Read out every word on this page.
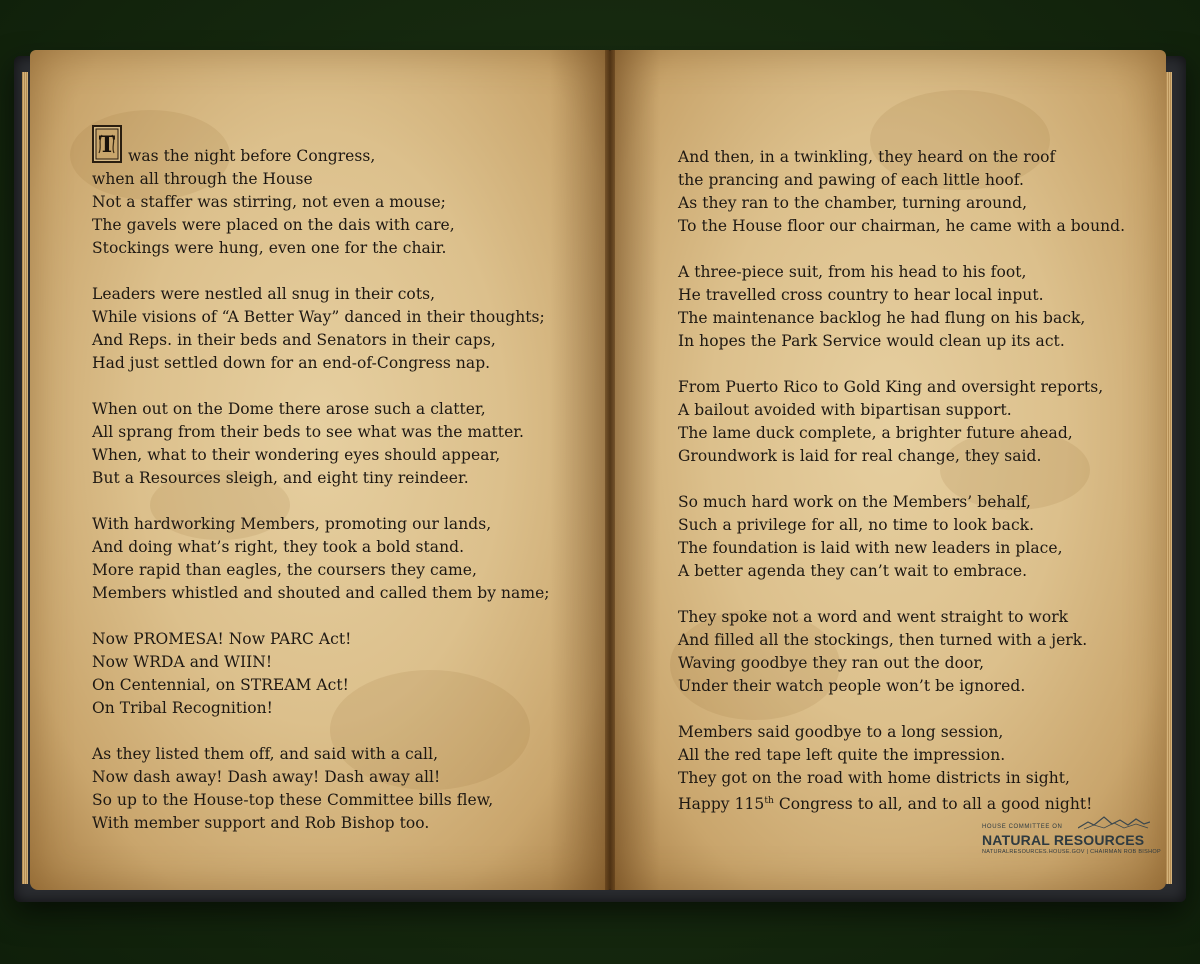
T was the night before Congress,
when all through the House
Not a staffer was stirring, not even a mouse;
The gavels were placed on the dais with care,
Stockings were hung, even one for the chair.
Leaders were nestled all snug in their cots,
While visions of “A Better Way” danced in their thoughts;
And Reps. in their beds and Senators in their caps,
Had just settled down for an end-of-Congress nap.
When out on the Dome there arose such a clatter,
All sprang from their beds to see what was the matter.
When, what to their wondering eyes should appear,
But a Resources sleigh, and eight tiny reindeer.
With hardworking Members, promoting our lands,
And doing what’s right, they took a bold stand.
More rapid than eagles, the coursers they came,
Members whistled and shouted and called them by name;
Now PROMESA! Now PARC Act!
Now WRDA and WIIN!
On Centennial, on STREAM Act!
On Tribal Recognition!
As they listed them off, and said with a call,
Now dash away! Dash away! Dash away all!
So up to the House-top these Committee bills flew,
With member support and Rob Bishop too.
And then, in a twinkling, they heard on the roof
the prancing and pawing of each little hoof.
As they ran to the chamber, turning around,
To the House floor our chairman, he came with a bound.
A three-piece suit, from his head to his foot,
He travelled cross country to hear local input.
The maintenance backlog he had flung on his back,
In hopes the Park Service would clean up its act.
From Puerto Rico to Gold King and oversight reports,
A bailout avoided with bipartisan support.
The lame duck complete, a brighter future ahead,
Groundwork is laid for real change, they said.
So much hard work on the Members’ behalf,
Such a privilege for all, no time to look back.
The foundation is laid with new leaders in place,
A better agenda they can’t wait to embrace.
They spoke not a word and went straight to work
And filled all the stockings, then turned with a jerk.
Waving goodbye they ran out the door,
Under their watch people won’t be ignored.
Members said goodbye to a long session,
All the red tape left quite the impression.
They got on the road with home districts in sight,
Happy 115th Congress to all, and to all a good night!
HOUSE COMMITTEE ON
NATURAL RESOURCES
NATURALRESOURCES.HOUSE.GOV | CHAIRMAN ROB BISHOP
